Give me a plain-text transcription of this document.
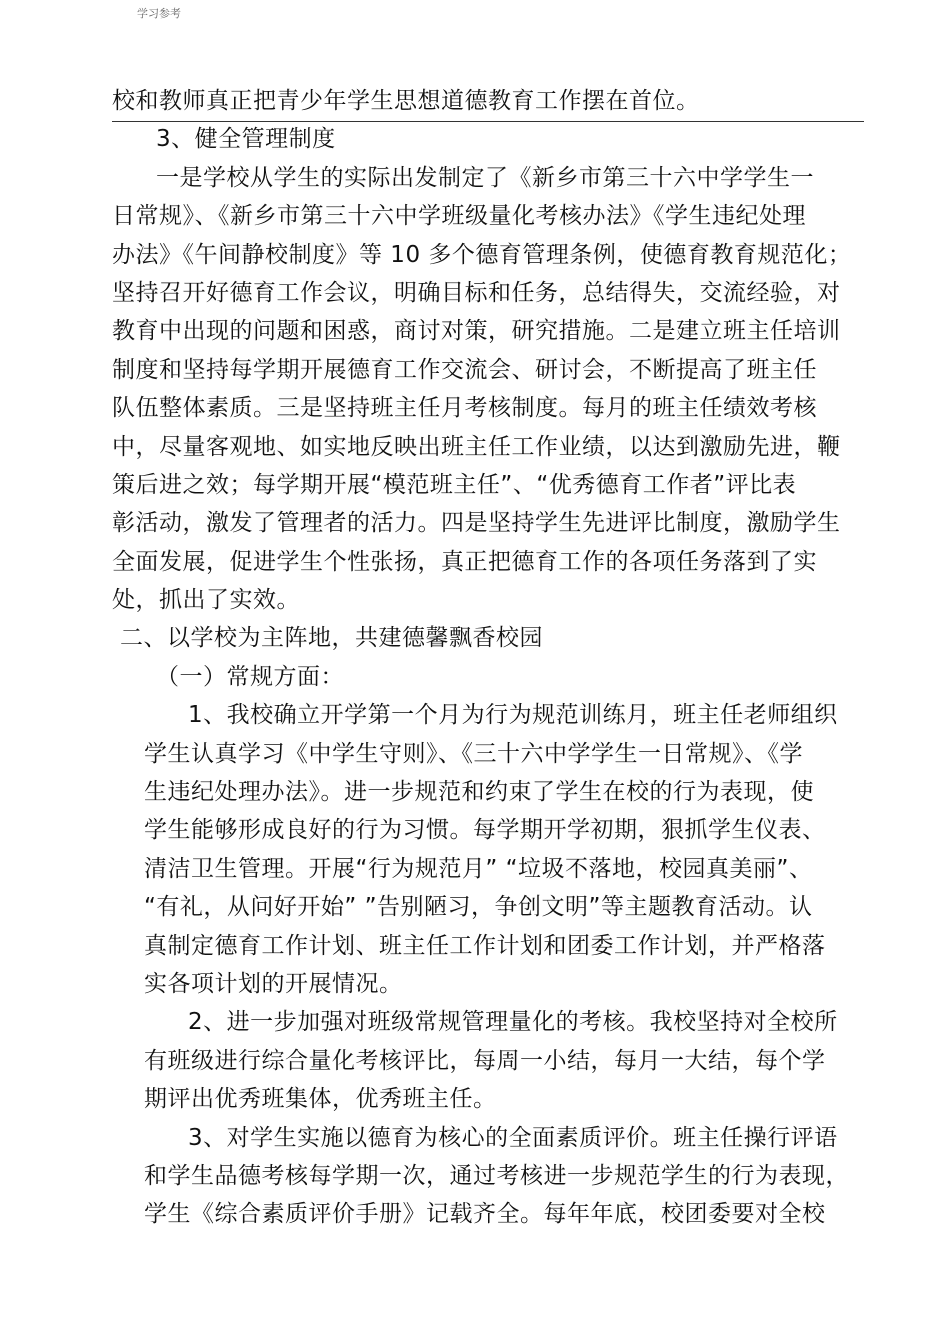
学习参考
校和教师真正把青少年学生思想道德教育工作摆在首位。
3、健全管理制度
一是学校从学生的实际出发制定了《新乡市第三十六中学学生一
日常规》、《新乡市第三十六中学班级量化考核办法》《学生违纪处理
办法》《午间静校制度》等 10 多个德育管理条例，使德育教育规范化；
坚持召开好德育工作会议，明确目标和任务，总结得失，交流经验，对
教育中出现的问题和困惑，商讨对策，研究措施。二是建立班主任培训
制度和坚持每学期开展德育工作交流会、研讨会，不断提高了班主任
队伍整体素质。三是坚持班主任月考核制度。每月的班主任绩效考核
中，尽量客观地、如实地反映出班主任工作业绩，以达到激励先进，鞭
策后进之效；每学期开展“模范班主任”、“优秀德育工作者”评比表
彰活动，激发了管理者的活力。四是坚持学生先进评比制度，激励学生
全面发展，促进学生个性张扬，真正把德育工作的各项任务落到了实
处，抓出了实效。
二、以学校为主阵地，共建德馨飘香校园
（一）常规方面：
1、我校确立开学第一个月为行为规范训练月，班主任老师组织
学生认真学习《中学生守则》、《三十六中学学生一日常规》、《学
生违纪处理办法》。进一步规范和约束了学生在校的行为表现，使
学生能够形成良好的行为习惯。每学期开学初期，狠抓学生仪表、
清洁卫生管理。开展“行为规范月” “垃圾不落地，校园真美丽”、
“有礼，从问好开始” ”告别陋习，争创文明”等主题教育活动。认
真制定德育工作计划、班主任工作计划和团委工作计划，并严格落
实各项计划的开展情况。
2、进一步加强对班级常规管理量化的考核。我校坚持对全校所
有班级进行综合量化考核评比，每周一小结，每月一大结，每个学
期评出优秀班集体，优秀班主任。
3、对学生实施以德育为核心的全面素质评价。班主任操行评语
和学生品德考核每学期一次，通过考核进一步规范学生的行为表现，
学生《综合素质评价手册》记载齐全。每年年底，校团委要对全校
